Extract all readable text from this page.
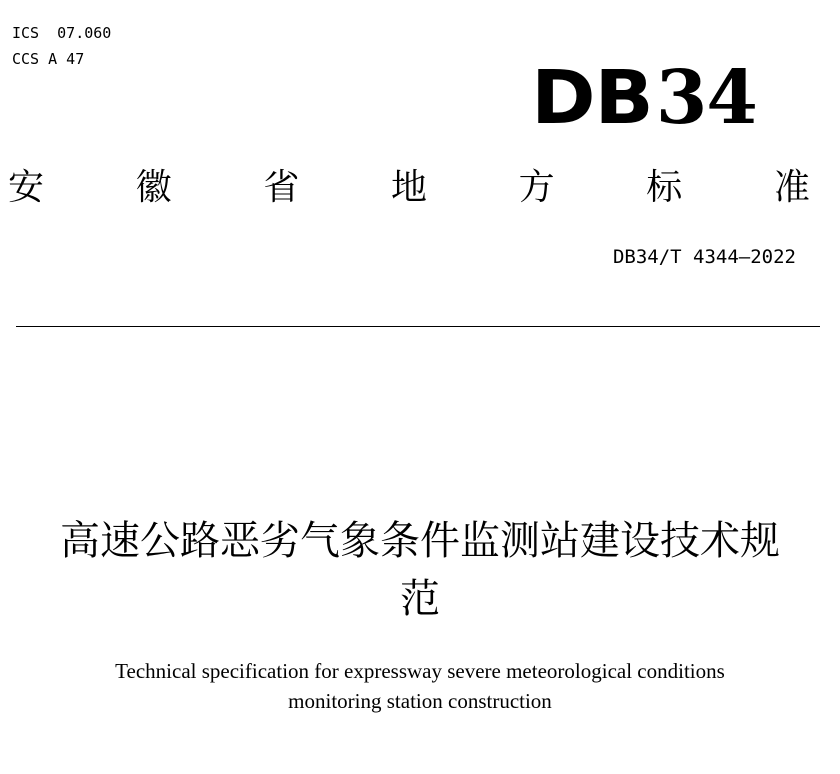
ICS  07.060
CCS A 47	DB34
安	徽	省	地	方	标	准
DB34/T 4344—2022
高速公路恶劣气象条件监测站建设技术规
范
Technical specification for expressway severe meteorological conditions
monitoring station construction
